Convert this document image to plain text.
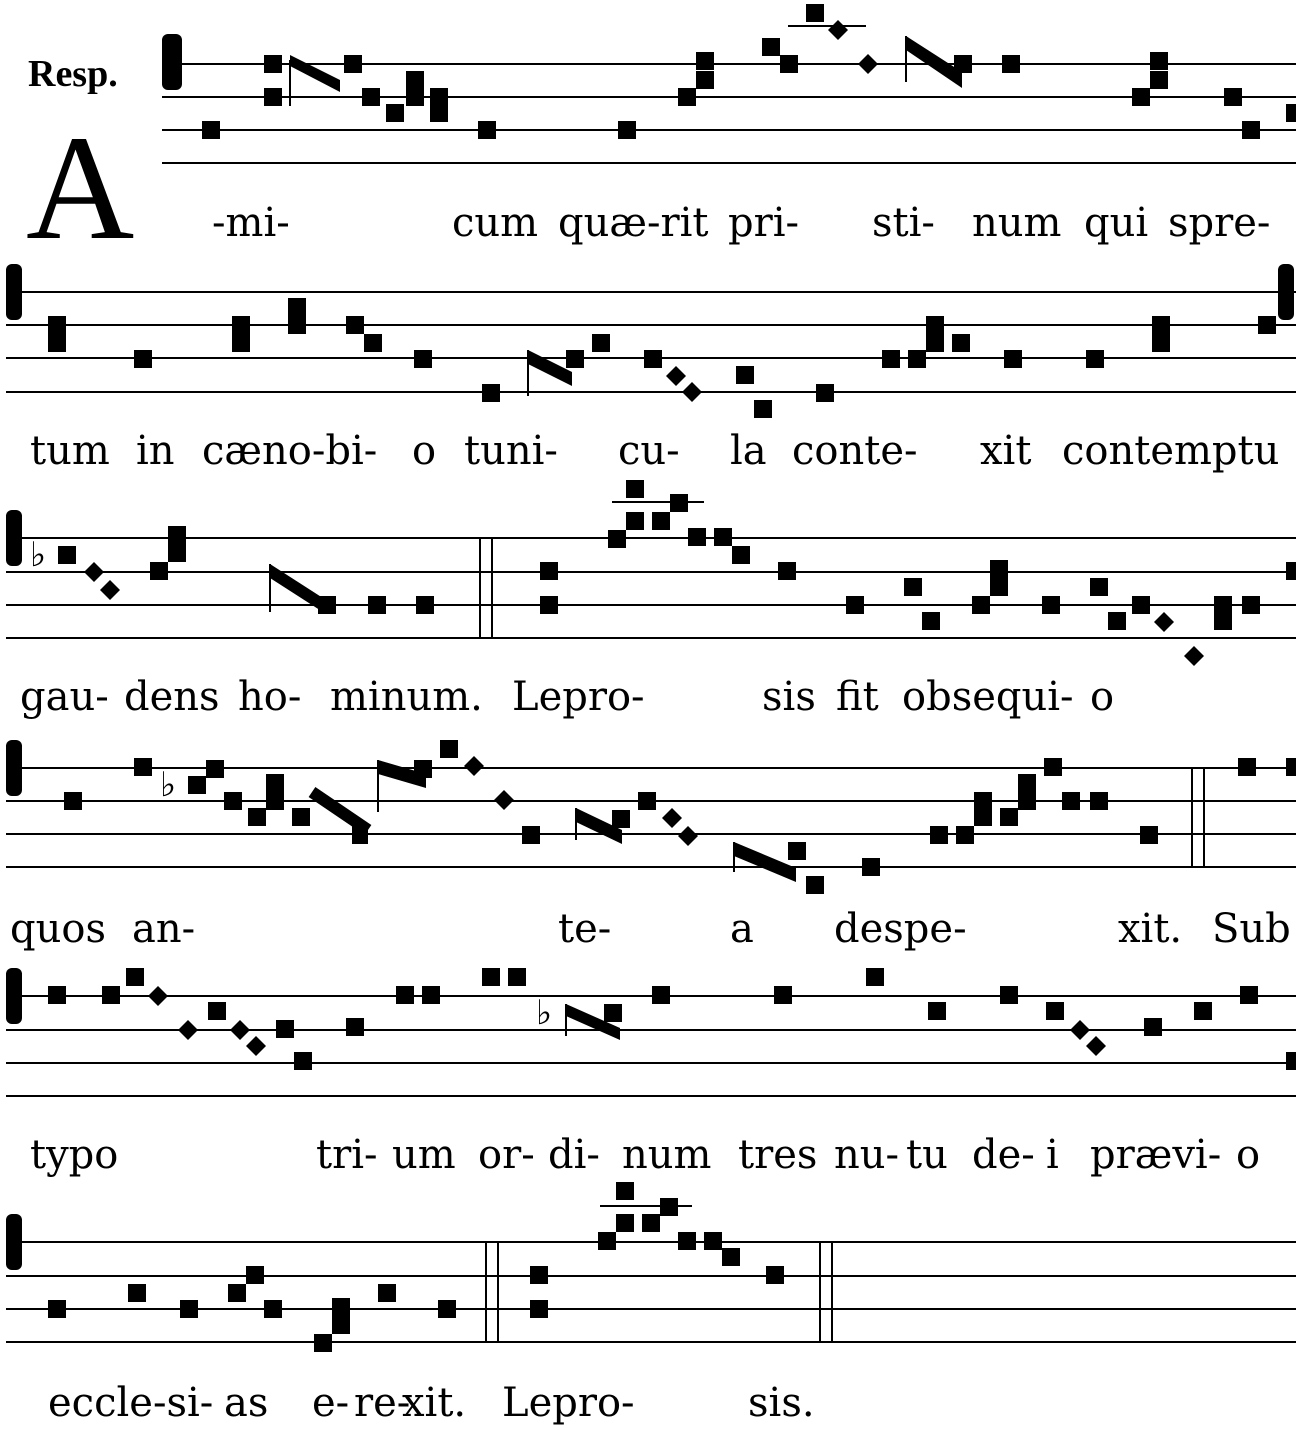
Resp.
A -mi-	cum quæ-rit pri- sti- num qui spre-
tum in cæno-bi- o tuni- cu- la conte- xit contemptu
♭
gau- dens ho- minum. Lepro-	sis fit obsequi- o
♭
quos an-	te-	a despe-	xit. Sub
♭
typo	tri- um or- di- num tres nu- tu de- i prævi- o
eccle-si- as e- re-
xit. Lepro-	sis.
